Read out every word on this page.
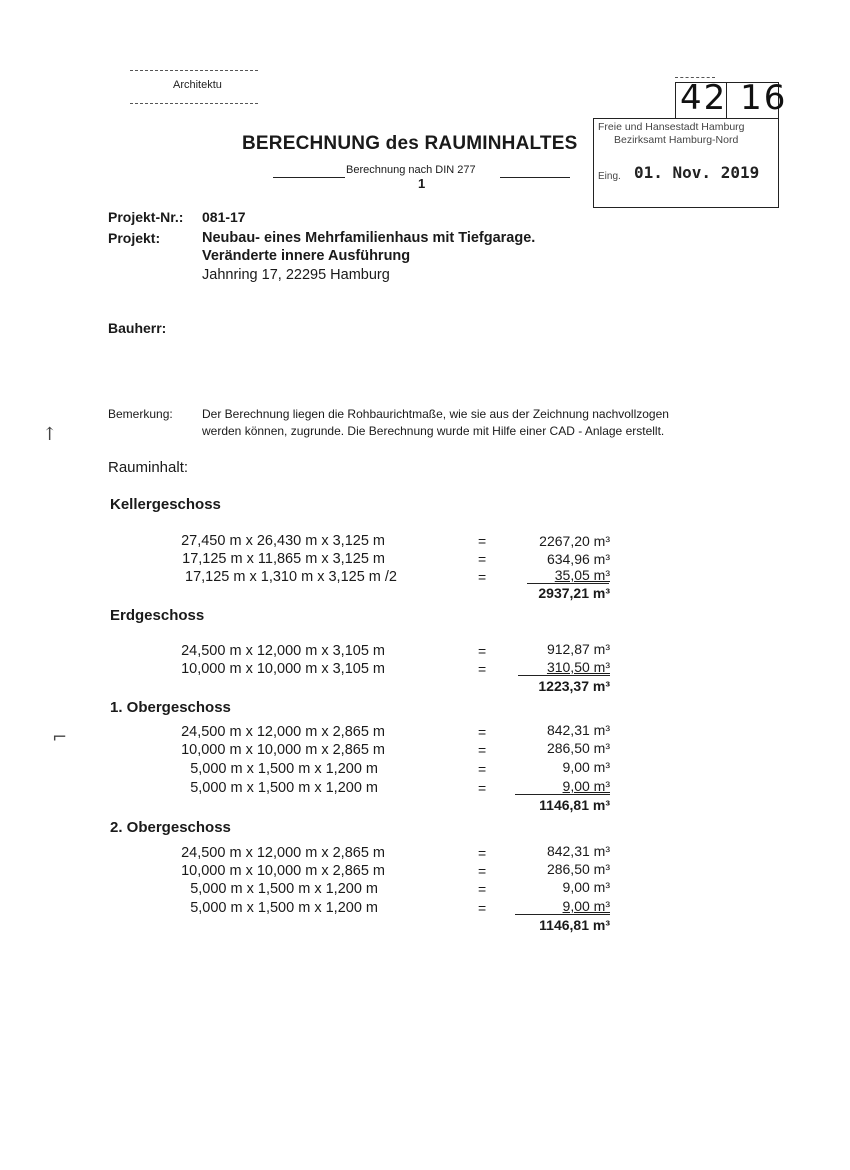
Architektu	42 16
Freie und Hansestadt Hamburg
Bezirksamt Hamburg-Nord
Eing. 01. Nov. 2019
BERECHNUNG des RAUMINHALTES
Berechnung nach DIN 277
1
Projekt-Nr.: 081-17
Projekt:	Neubau- eines Mehrfamilienhaus mit Tiefgarage.
Veränderte innere Ausführung
Jahnring 17, 22295 Hamburg
Bauherr:
Bemerkung: Der Berechnung liegen die Rohbaurichtmaße, wie sie aus der Zeichnung nachvollzogen
werden können, zugrunde. Die Berechnung wurde mit Hilfe einer CAD - Anlage erstellt.
↑
⌐
Rauminhalt:
Kellergeschoss
27,450 m x 26,430 m x 3,125 m	=	2267,20 m³
17,125 m x 11,865 m x 3,125 m	=	634,96 m³
17,125 m x 1,310 m x 3,125 m /2	=	35,05 m³
2937,21 m³
Erdgeschoss
24,500 m x 12,000 m x 3,105 m	=	912,87 m³
10,000 m x 10,000 m x 3,105 m	=	310,50 m³
1223,37 m³
1. Obergeschoss
24,500 m x 12,000 m x 2,865 m	=	842,31 m³
10,000 m x 10,000 m x 2,865 m	=	286,50 m³
5,000 m x 1,500 m x 1,200 m	=	9,00 m³
5,000 m x 1,500 m x 1,200 m	=	9,00 m³
1146,81 m³
2. Obergeschoss
24,500 m x 12,000 m x 2,865 m	=	842,31 m³
10,000 m x 10,000 m x 2,865 m	=	286,50 m³
5,000 m x 1,500 m x 1,200 m	=	9,00 m³
5,000 m x 1,500 m x 1,200 m	=	9,00 m³
1146,81 m³
